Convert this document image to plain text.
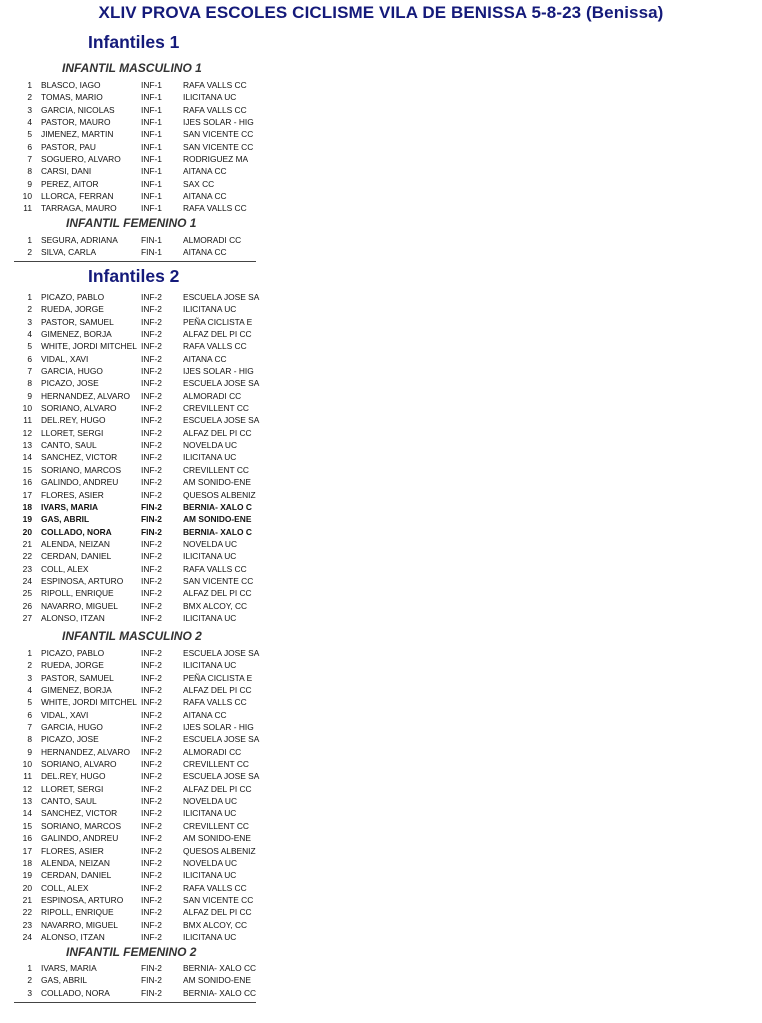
XLIV PROVA ESCOLES CICLISME VILA DE BENISSA 5-8-23 (Benissa)
Infantiles 1
INFANTIL MASCULINO 1
1 BLASCO, IAGO	INF-1	RAFA VALLS CC
2 TOMAS, MARIO	INF-1	ILICITANA UC
3 GARCIA, NICOLAS	INF-1	RAFA VALLS CC
4 PASTOR, MAURO	INF-1	IJES SOLAR - HIG
5 JIMENEZ, MARTIN	INF-1	SAN VICENTE CC
6 PASTOR, PAU	INF-1	SAN VICENTE CC
7 SOGUERO, ALVARO	INF-1	RODRIGUEZ MA
8 CARSI, DANI	INF-1	AITANA CC
9 PEREZ, AITOR	INF-1	SAX CC
10 LLORCA, FERRAN	INF-1	AITANA CC
11 TARRAGA, MAURO	INF-1	RAFA VALLS CC
INFANTIL FEMENINO 1
1 SEGURA, ADRIANA	FIN-1	ALMORADI CC
2 SILVA, CARLA	FIN-1	AITANA CC
Infantiles 2
1 PICAZO, PABLO	INF-2	ESCUELA JOSE SA
2 RUEDA, JORGE	INF-2	ILICITANA UC
3 PASTOR, SAMUEL	INF-2	PEÑA CICLISTA E
4 GIMENEZ, BORJA	INF-2	ALFAZ DEL PI CC
5 WHITE, JORDI MITCHEL INF-2	RAFA VALLS CC
6 VIDAL, XAVI	INF-2	AITANA CC
7 GARCIA, HUGO	INF-2	IJES SOLAR - HIG
8 PICAZO, JOSE	INF-2	ESCUELA JOSE SA
9 HERNANDEZ, ALVARO	INF-2	ALMORADI CC
10 SORIANO, ALVARO	INF-2	CREVILLENT CC
11 DEL.REY, HUGO	INF-2	ESCUELA JOSE SA
12 LLORET, SERGI	INF-2	ALFAZ DEL PI CC
13 CANTO, SAUL	INF-2	NOVELDA UC
14 SANCHEZ, VICTOR	INF-2	ILICITANA UC
15 SORIANO, MARCOS	INF-2	CREVILLENT CC
16 GALINDO, ANDREU	INF-2	AM SONIDO-ENE
17 FLORES, ASIER	INF-2	QUESOS ALBENIZ
18 IVARS, MARIA	FIN-2	BERNIA- XALO C
19 GAS, ABRIL	FIN-2	AM SONIDO-ENE
20 COLLADO, NORA	FIN-2	BERNIA- XALO C
21 ALENDA, NEIZAN	INF-2	NOVELDA UC
22 CERDAN, DANIEL	INF-2	ILICITANA UC
23 COLL, ALEX	INF-2	RAFA VALLS CC
24 ESPINOSA, ARTURO	INF-2	SAN VICENTE CC
25 RIPOLL, ENRIQUE	INF-2	ALFAZ DEL PI CC
26 NAVARRO, MIGUEL	INF-2	BMX ALCOY, CC
27 ALONSO, ITZAN	INF-2	ILICITANA UC
INFANTIL MASCULINO 2
1 PICAZO, PABLO	INF-2	ESCUELA JOSE SA
2 RUEDA, JORGE	INF-2	ILICITANA UC
3 PASTOR, SAMUEL	INF-2	PEÑA CICLISTA E
4 GIMENEZ, BORJA	INF-2	ALFAZ DEL PI CC
5 WHITE, JORDI MITCHEL INF-2	RAFA VALLS CC
6 VIDAL, XAVI	INF-2	AITANA CC
7 GARCIA, HUGO	INF-2	IJES SOLAR - HIG
8 PICAZO, JOSE	INF-2	ESCUELA JOSE SA
9 HERNANDEZ, ALVARO	INF-2	ALMORADI CC
10 SORIANO, ALVARO	INF-2	CREVILLENT CC
11 DEL.REY, HUGO	INF-2	ESCUELA JOSE SA
12 LLORET, SERGI	INF-2	ALFAZ DEL PI CC
13 CANTO, SAUL	INF-2	NOVELDA UC
14 SANCHEZ, VICTOR	INF-2	ILICITANA UC
15 SORIANO, MARCOS	INF-2	CREVILLENT CC
16 GALINDO, ANDREU	INF-2	AM SONIDO-ENE
17 FLORES, ASIER	INF-2	QUESOS ALBENIZ
18 ALENDA, NEIZAN	INF-2	NOVELDA UC
19 CERDAN, DANIEL	INF-2	ILICITANA UC
20 COLL, ALEX	INF-2	RAFA VALLS CC
21 ESPINOSA, ARTURO	INF-2	SAN VICENTE CC
22 RIPOLL, ENRIQUE	INF-2	ALFAZ DEL PI CC
23 NAVARRO, MIGUEL	INF-2	BMX ALCOY, CC
24 ALONSO, ITZAN	INF-2	ILICITANA UC
INFANTIL FEMENINO 2
1 IVARS, MARIA	FIN-2	BERNIA- XALO CC
2 GAS, ABRIL	FIN-2	AM SONIDO-ENE
3 COLLADO, NORA	FIN-2	BERNIA- XALO CC
